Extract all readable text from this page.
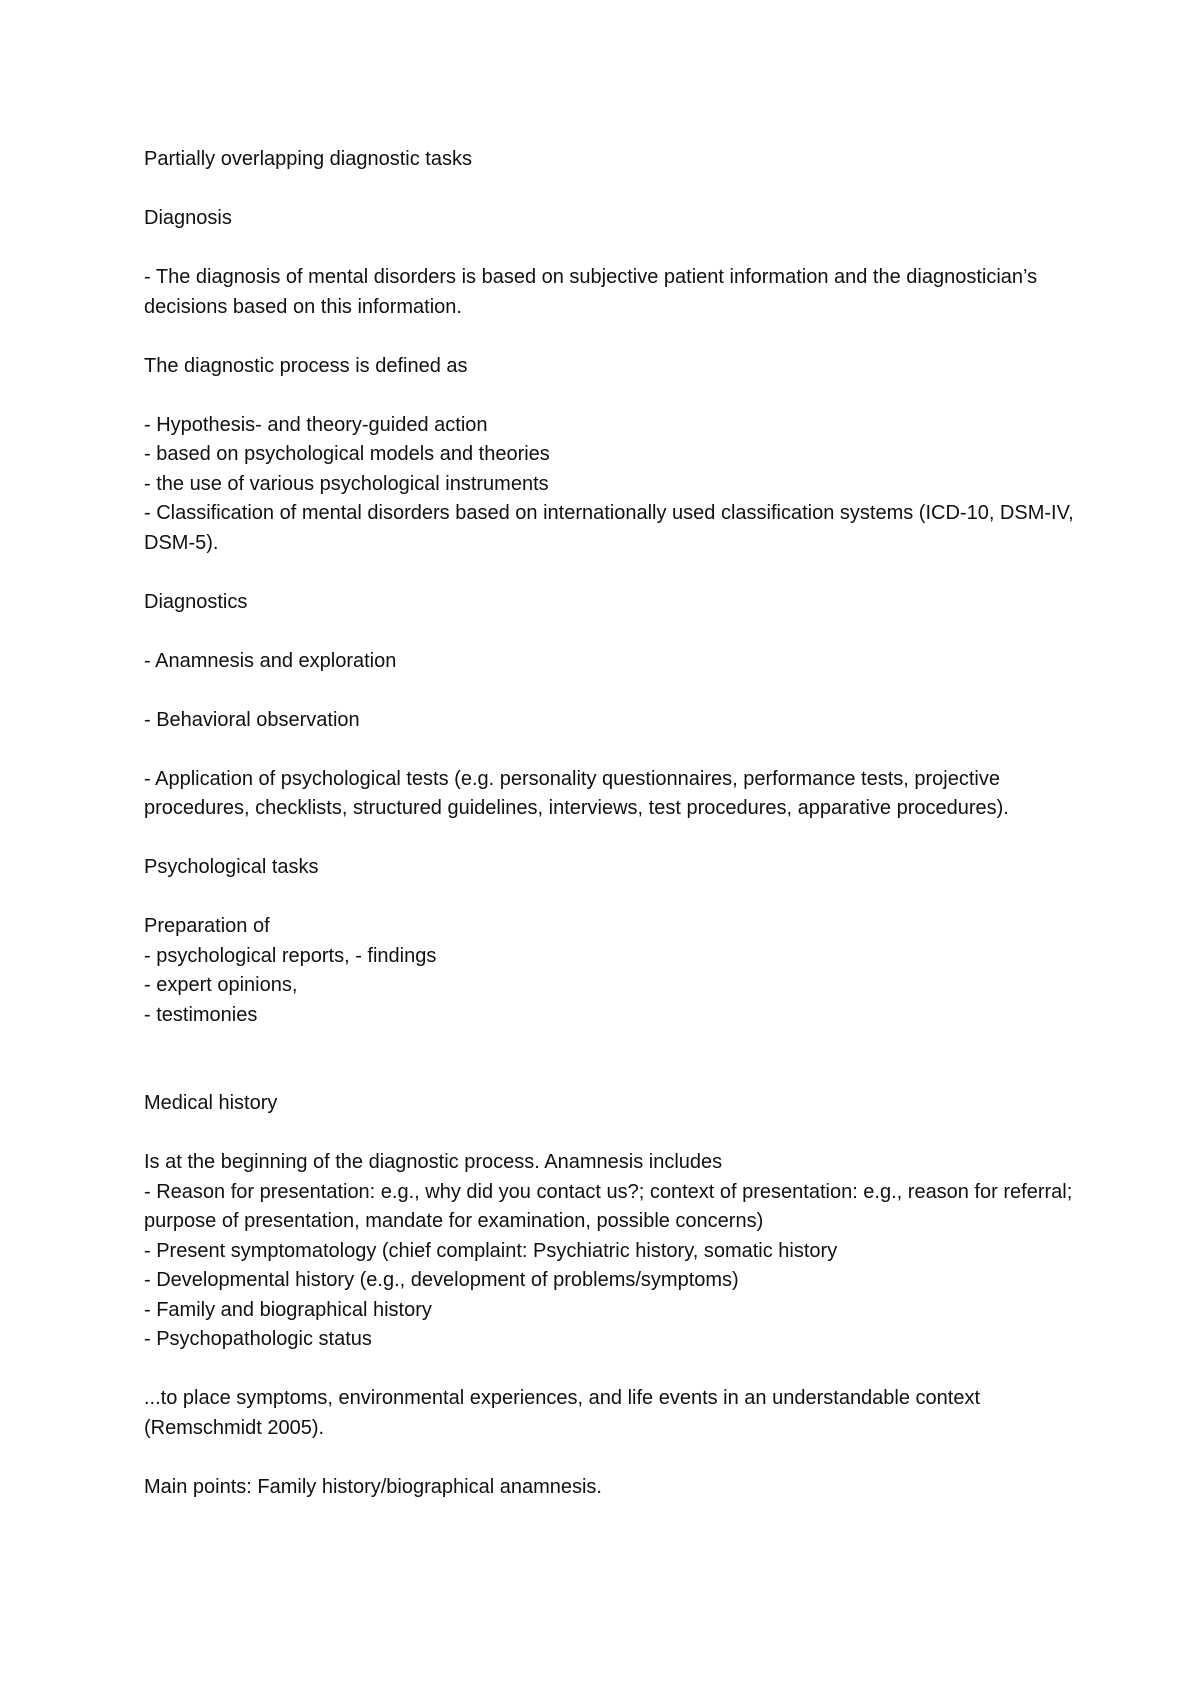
Partially overlapping diagnostic tasks

Diagnosis

- The diagnosis of mental disorders is based on subjective patient information and the diagnostician’s decisions based on this information.

The diagnostic process is defined as

- Hypothesis- and theory-guided action

- based on psychological models and theories

- the use of various psychological instruments

- Classification of mental disorders based on internationally used classification systems (ICD-10, DSM-IV, DSM-5).

Diagnostics

- Anamnesis and exploration

- Behavioral observation

- Application of psychological tests (e.g. personality questionnaires, performance tests, projective procedures, checklists, structured guidelines, interviews, test procedures, apparative procedures).

Psychological tasks

Preparation of

- psychological reports, - findings

- expert opinions,

- testimonies

Medical history

Is at the beginning of the diagnostic process. Anamnesis includes

- Reason for presentation: e.g., why did you contact us?; context of presentation: e.g., reason for referral; purpose of presentation, mandate for examination, possible concerns)

- Present symptomatology (chief complaint: Psychiatric history, somatic history

- Developmental history (e.g., development of problems/symptoms)

- Family and biographical history

- Psychopathologic status

...to place symptoms, environmental experiences, and life events in an understandable context (Remschmidt 2005).

Main points: Family history/biographical anamnesis.
